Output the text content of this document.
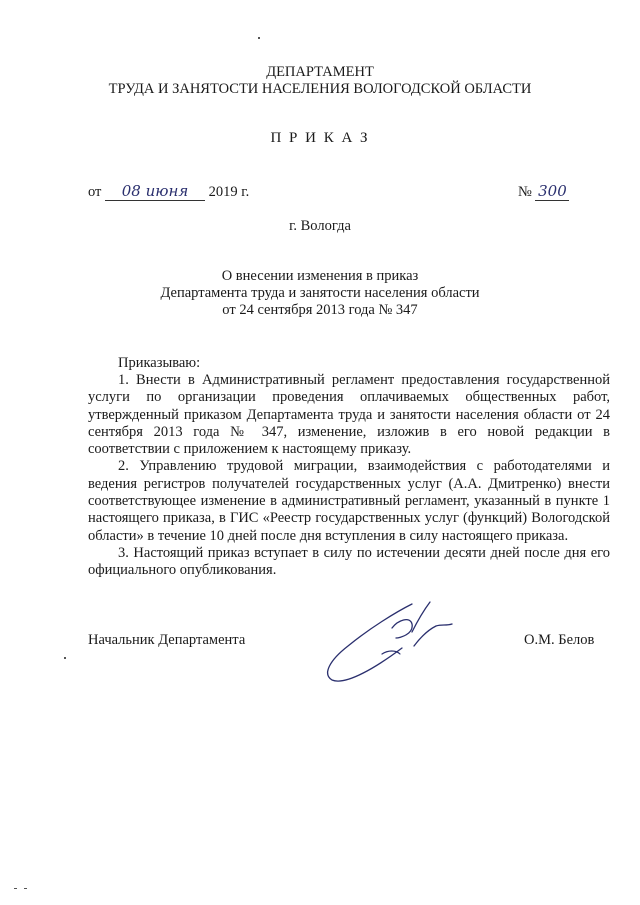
ДЕПАРТАМЕНТ
ТРУДА И ЗАНЯТОСТИ НАСЕЛЕНИЯ ВОЛОГОДСКОЙ ОБЛАСТИ
П Р И К А З
от 08 июня 2019 г.	№ 300
г. Вологда
О внесении изменения в приказ
Департамента труда и занятости населения области
от 24 сентября 2013 года № 347
Приказываю:

1. Внести в Административный регламент предоставления государственной услуги по организации проведения оплачиваемых общественных работ, утвержденный приказом Департамента труда и занятости населения области от 24 сентября 2013 года № 347, изменение, изложив в его новой редакции в соответствии с приложением к настоящему приказу.

2. Управлению трудовой миграции, взаимодействия с работодателями и ведения регистров получателей государственных услуг (А.А. Дмитренко) внести соответствующее изменение в административный регламент, указанный в пункте 1 настоящего приказа, в ГИС «Реестр государственных услуг (функций) Вологодской области» в течение 10 дней после дня вступления в силу настоящего приказа.

3. Настоящий приказ вступает в силу по истечении десяти дней после дня его официального опубликования.

Начальник Департамента	О.М. Белов
